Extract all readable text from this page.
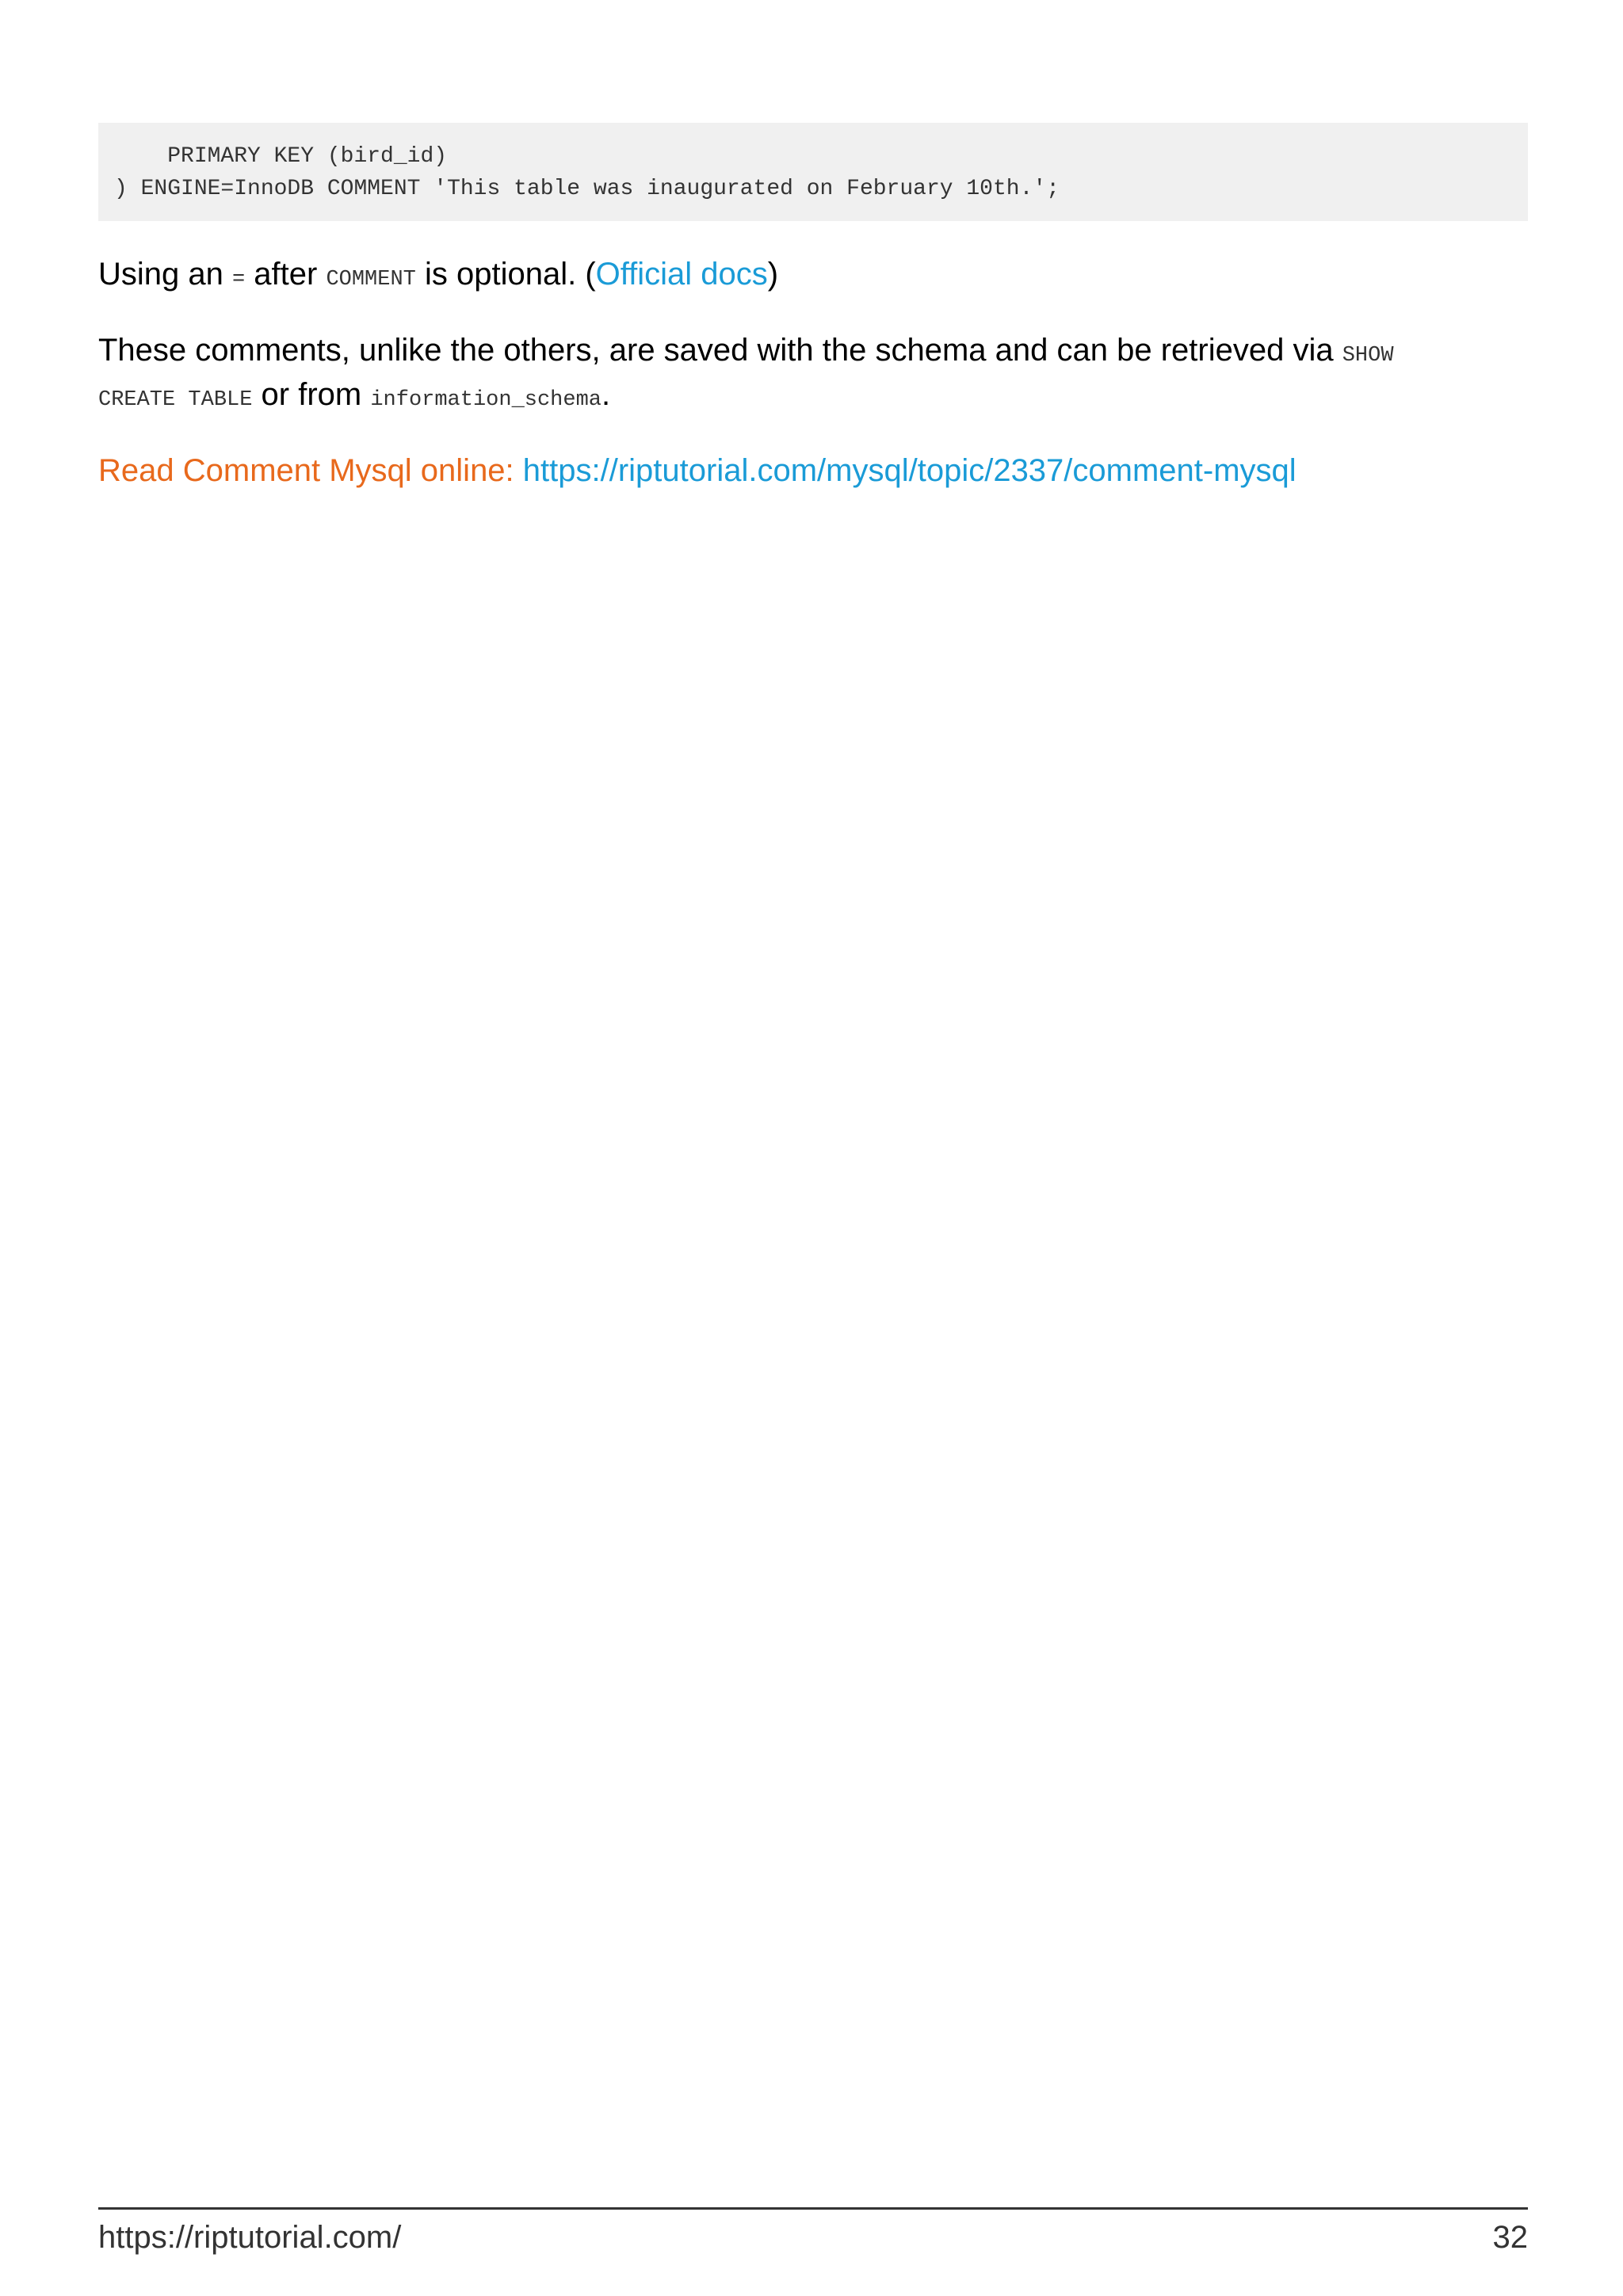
PRIMARY KEY (bird_id)
) ENGINE=InnoDB COMMENT 'This table was inaugurated on February 10th.';
Using an = after COMMENT is optional. (Official docs)
These comments, unlike the others, are saved with the schema and can be retrieved via SHOW
CREATE TABLE or from information_schema.
Read Comment Mysql online: https://riptutorial.com/mysql/topic/2337/comment-mysql
https://riptutorial.com/	32
